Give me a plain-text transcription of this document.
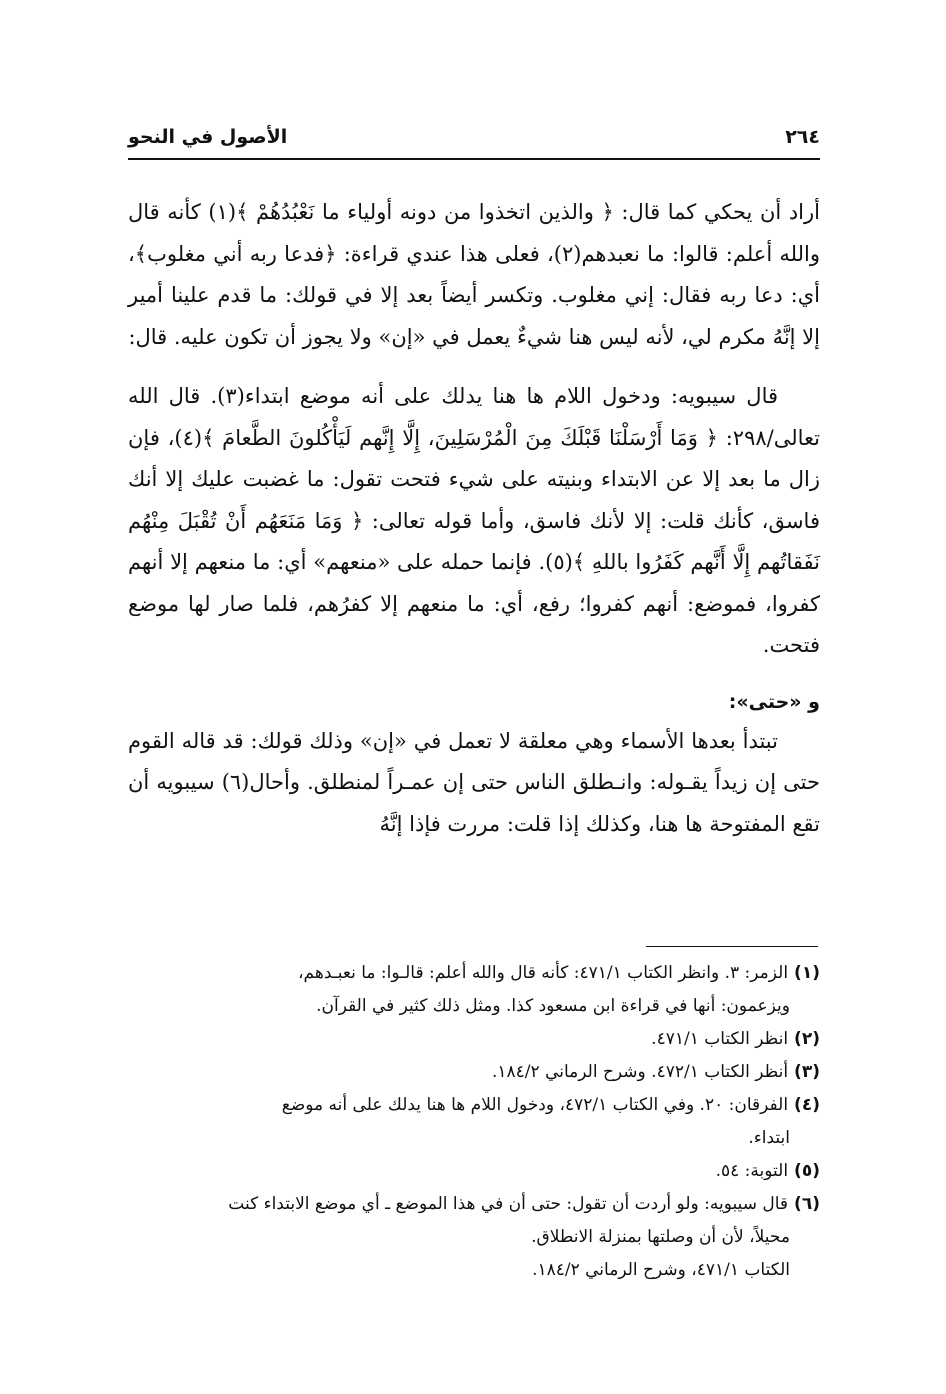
٢٦٤
الأصول في النحو

أراد أن يحكي كما قال: ﴿ والذين اتخذوا من دونه أولياء ما نَعْبُدُهُمْ ﴾(١) كأنه قال والله أعلم: قالوا: ما نعبدهم(٢)، فعلى هذا عندي قراءة: ﴿فدعا ربه أني مغلوب﴾، أي: دعا ربه فقال: إني مغلوب. وتكسر أيضاً بعد إلا في قولك: ما قدم علينا أمير إلا إنَّهُ مكرم لي، لأنه ليس هنا شيءٌ يعمل في «إن» ولا يجوز أن تكون عليه. قال:

قال سيبويه: ودخول اللام ها هنا يدلك على أنه موضع ابتداء(٣). قال الله تعالى/٢٩٨: ﴿ وَمَا أَرْسَلْنَا قَبْلَكَ مِنَ الْمُرْسَلِينَ، إِلَّا إِنَّهم لَيَأْكُلونَ الطَّعامَ ﴾(٤)، فإن زال ما بعد إلا عن الابتداء وبنيته على شيء فتحت تقول: ما غضبت عليك إلا أنك فاسق، كأنك قلت: إلا لأنك فاسق، وأما قوله تعالى: ﴿ وَمَا مَنَعَهُم أَنْ تُقْبَلَ مِنْهُم نَفَقاتُهم إِلَّا أَنَّهم كَفَرُوا باللهِ ﴾(٥). فإنما حمله على «منعهم» أي: ما منعهم إلا أنهم كفروا، فموضع: أنهم كفروا؛ رفع، أي: ما منعهم إلا كفرُهم، فلما صار لها موضع فتحت.

و «حتى»:

تبتدأ بعدها الأسماء وهي معلقة لا تعمل في «إن» وذلك قولك: قد قاله القوم حتى إن زيداً يقـوله: وانـطلق الناس حتى إن عمـراً لمنطلق. وأحال(٦) سيبويه أن تقع المفتوحة ها هنا، وكذلك إذا قلت: مررت فإذا إنَّهُ

(١)الزمر: ٣. وانظر الكتاب ٤٧١/١: كأنه قال والله أعلم: قالـوا: ما نعبـدهم،

ويزعمون: أنها في قراءة ابن مسعود كذا. ومثل ذلك كثير في القرآن.

(٢)انظر الكتاب ٤٧١/١.

(٣)أنظر الكتاب ٤٧٢/١. وشرح الرماني ١٨٤/٢.

(٤)الفرقان: ٢٠. وفي الكتاب ٤٧٢/١، ودخول اللام ها هنا يدلك على أنه موضع

ابتداء.

(٥)التوبة: ٥٤.

(٦)قال سيبويه: ولو أردت أن تقول: حتى أن في هذا الموضع ـ أي موضع الابتداء كنت

محيلاً، لأن أن وصلتها بمنزلة الانطلاق.

الكتاب ٤٧١/١، وشرح الرماني ١٨٤/٢.
